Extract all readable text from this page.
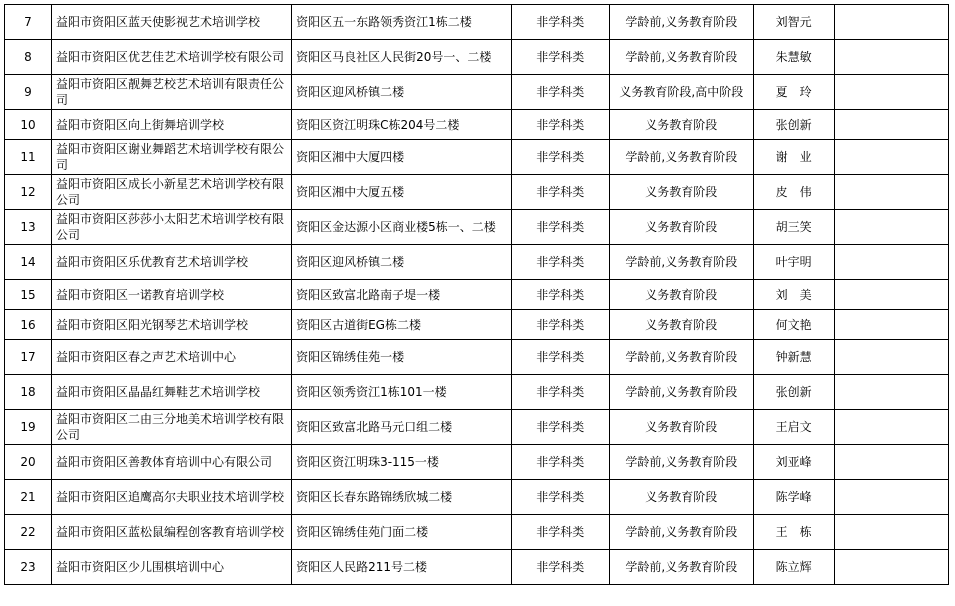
7	益阳市资阳区蓝天使影视艺术培训学校	资阳区五一东路领秀资江1栋二楼	非学科类	学龄前,义务教育阶段	刘智元	
8	益阳市资阳区优艺佳艺术培训学校有限公司	资阳区马良社区人民街20号一、二楼	非学科类	学龄前,义务教育阶段	朱慧敏	
9	益阳市资阳区靓舞艺校艺术培训有限责任公司	资阳区迎风桥镇二楼	非学科类	义务教育阶段,高中阶段	夏　玲	
10	益阳市资阳区向上街舞培训学校	资阳区资江明珠C栋204号二楼	非学科类	义务教育阶段	张创新	
11	益阳市资阳区谢业舞蹈艺术培训学校有限公司	资阳区湘中大厦四楼	非学科类	学龄前,义务教育阶段	谢　业	
12	益阳市资阳区成长小新星艺术培训学校有限公司	资阳区湘中大厦五楼	非学科类	义务教育阶段	皮　伟	
13	益阳市资阳区莎莎小太阳艺术培训学校有限公司	资阳区金达源小区商业楼5栋一、二楼	非学科类	义务教育阶段	胡三笑	
14	益阳市资阳区乐优教育艺术培训学校	资阳区迎风桥镇二楼	非学科类	学龄前,义务教育阶段	叶宇明	
15	益阳市资阳区一诺教育培训学校	资阳区致富北路南子堤一楼	非学科类	义务教育阶段	刘　美	
16	益阳市资阳区阳光钢琴艺术培训学校	资阳区古道街EG栋二楼	非学科类	义务教育阶段	何文艳	
17	益阳市资阳区春之声艺术培训中心	资阳区锦绣佳苑一楼	非学科类	学龄前,义务教育阶段	钟新慧	
18	益阳市资阳区晶晶红舞鞋艺术培训学校	资阳区领秀资江1栋101一楼	非学科类	学龄前,义务教育阶段	张创新	
19	益阳市资阳区二由三分地美术培训学校有限公司	资阳区致富北路马元口组二楼	非学科类	义务教育阶段	王启文	
20	益阳市资阳区善教体育培训中心有限公司	资阳区资江明珠3-115一楼	非学科类	学龄前,义务教育阶段	刘亚峰	
21	益阳市资阳区追鹰高尔夫职业技术培训学校	资阳区长春东路锦绣欣城二楼	非学科类	义务教育阶段	陈学峰	
22	益阳市资阳区蓝松鼠编程创客教育培训学校	资阳区锦绣佳苑门面二楼	非学科类	学龄前,义务教育阶段	王　栋	
23	益阳市资阳区少儿围棋培训中心	资阳区人民路211号二楼	非学科类	学龄前,义务教育阶段	陈立辉	
